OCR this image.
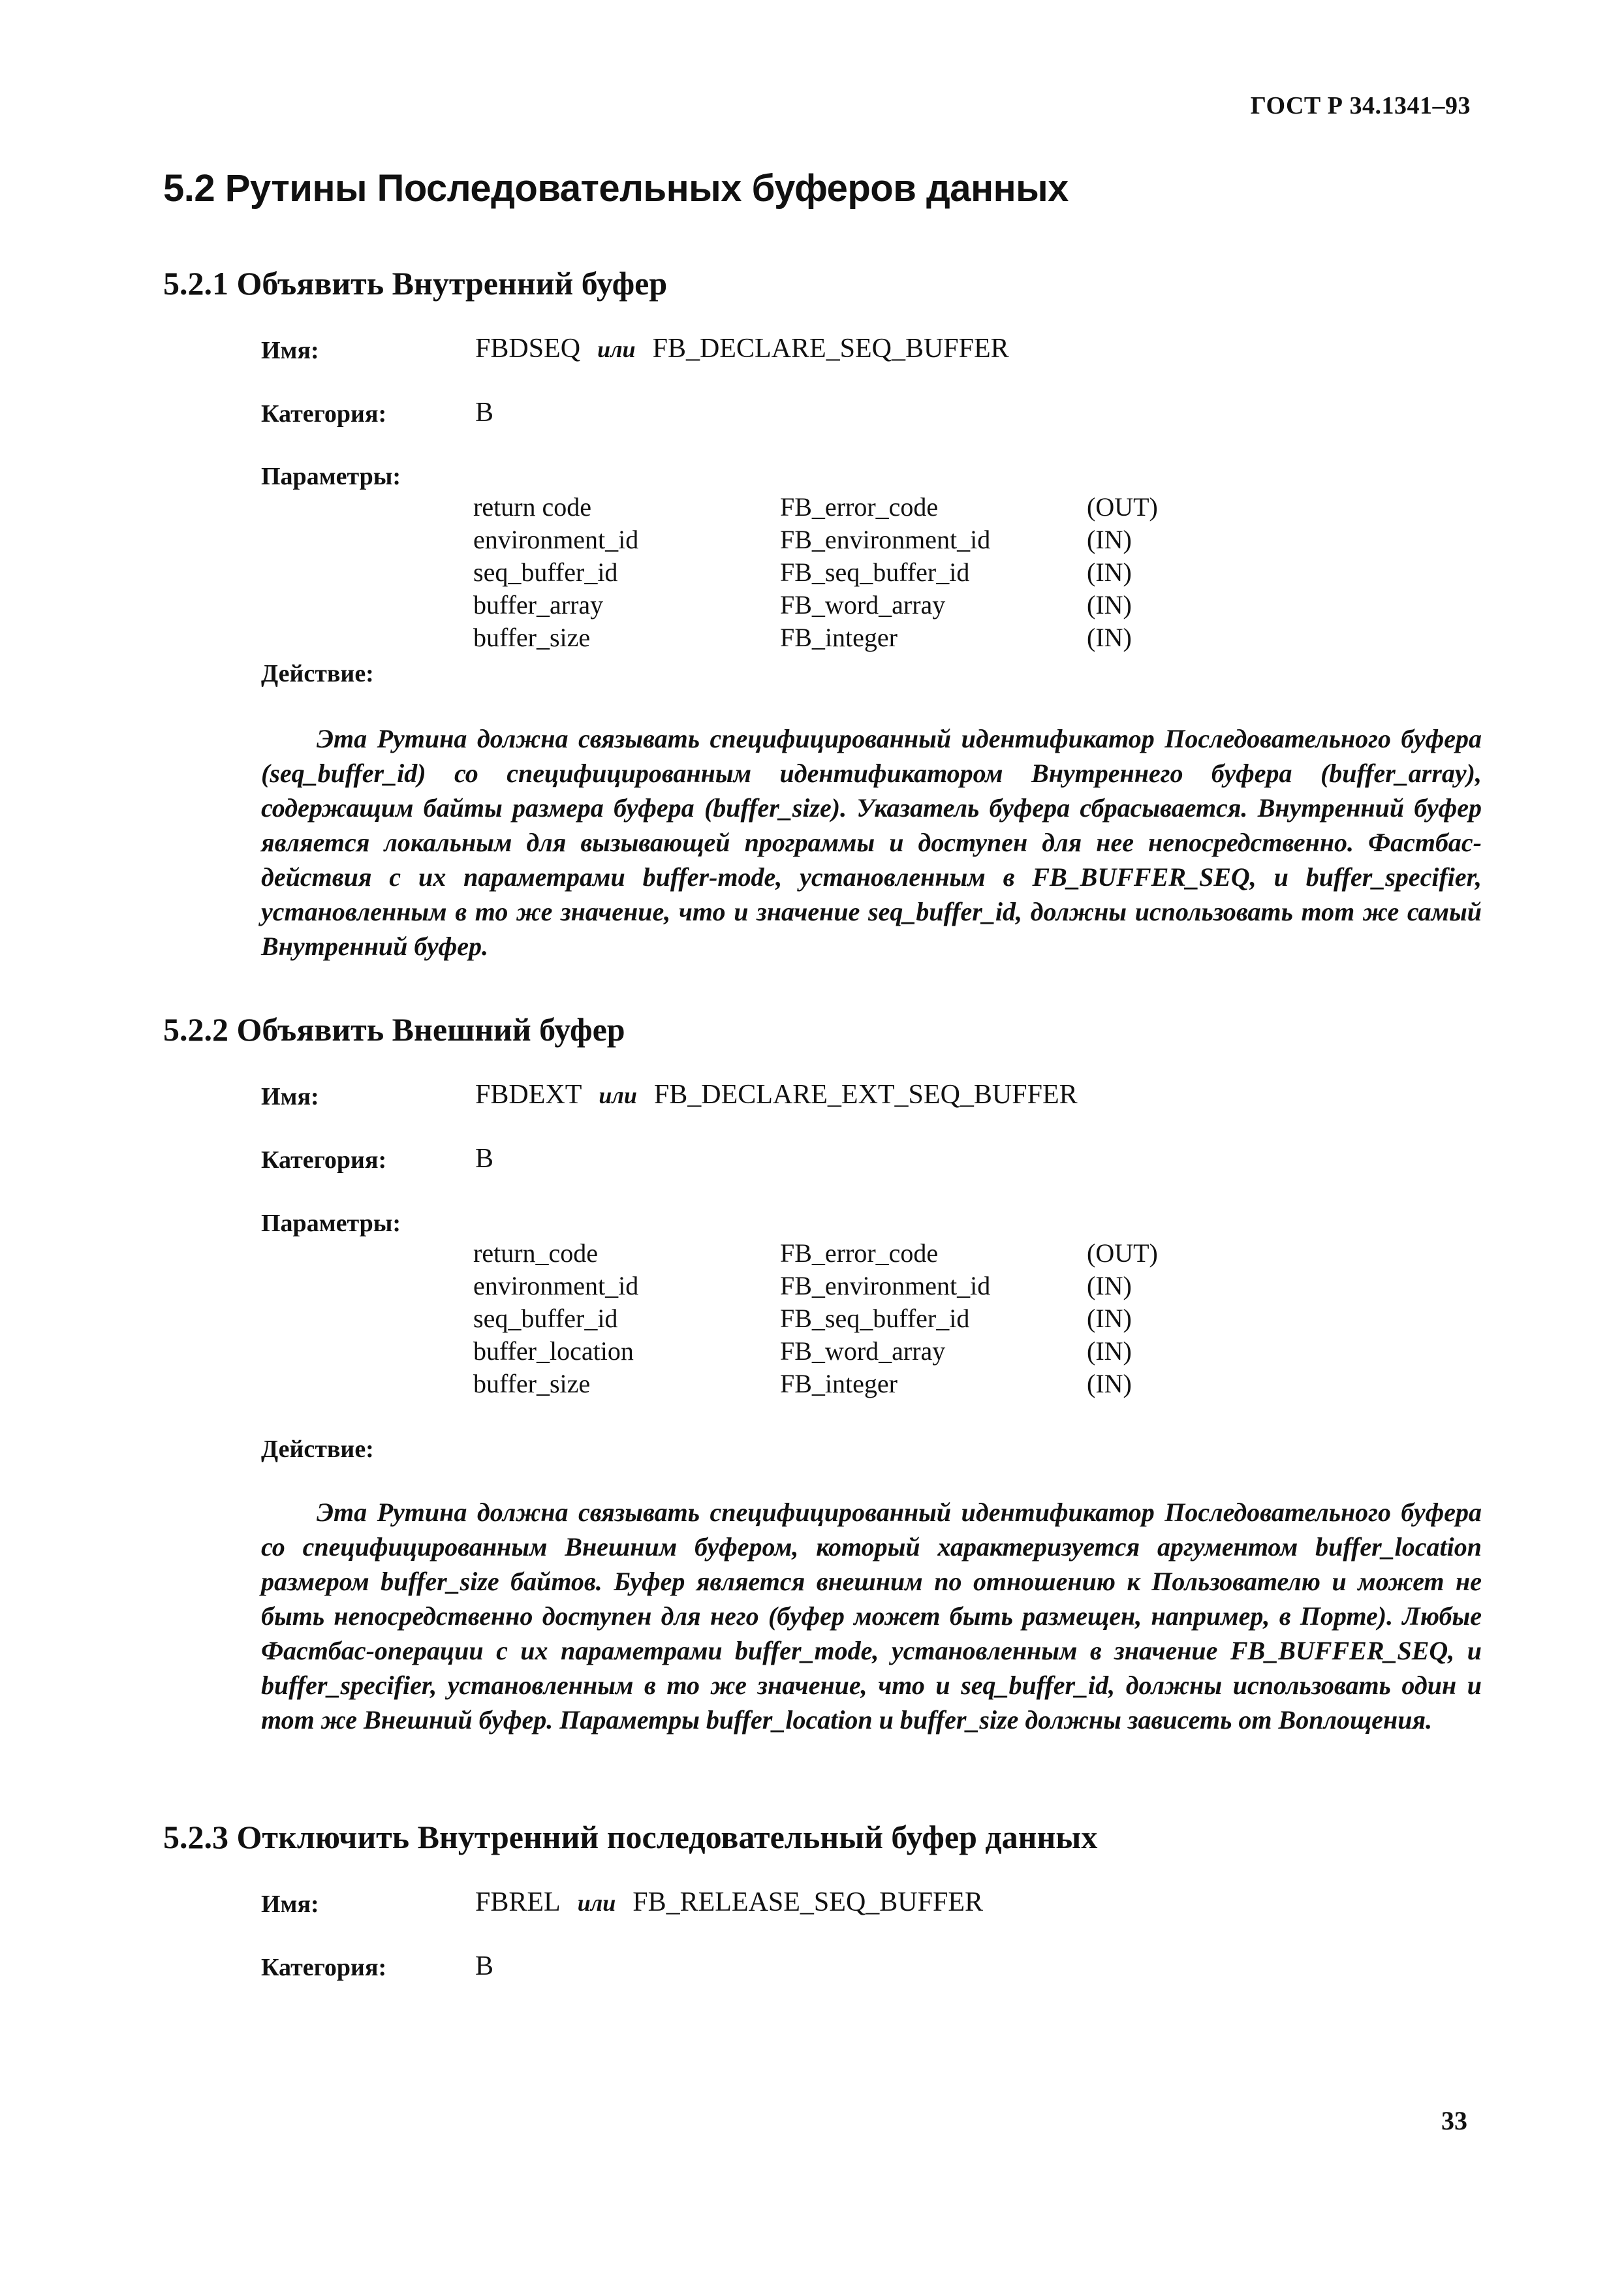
ГОСТ Р 34.1341–93
5.2 Рутины Последовательных буферов данных
5.2.1 Объявить Внутренний буфер
Имя:	FBDSEQ или FB_DECLARE_SEQ_BUFFER
Категория:	B
Параметры:
return code	FB_error_code	(OUT)
environment_id	FB_environment_id	(IN)
seq_buffer_id	FB_seq_buffer_id	(IN)
buffer_array	FB_word_array	(IN)
buffer_size	FB_integer	(IN)
Действие:

Эта Рутина должна связывать специфицированный идентификатор Последовательного буфера (seq_buffer_id) со специфицированным идентификатором Внутреннего буфера (buffer_array), содержащим байты размера буфера (buffer_size). Указатель буфера сбрасывается. Внутренний буфер является локальным для вызывающей программы и доступен для нее непосредственно. Фастбас-действия с их параметрами buffer-mode, установленным в FB_BUFFER_SEQ, и buffer_specifier, установленным в то же значение, что и значение seq_buffer_id, должны использовать тот же самый Внутренний буфер.

5.2.2 Объявить Внешний буфер
Имя:	FBDEXT или FB_DECLARE_EXT_SEQ_BUFFER
Категория:	B
Параметры:
return_code	FB_error_code	(OUT)
environment_id	FB_environment_id	(IN)
seq_buffer_id	FB_seq_buffer_id	(IN)
buffer_location	FB_word_array	(IN)
buffer_size	FB_integer	(IN)
Действие:

Эта Рутина должна связывать специфицированный идентификатор Последовательного буфера со специфицированным Внешним буфером, который характеризуется аргументом buffer_location размером buffer_size байтов. Буфер является внешним по отношению к Пользователю и может не быть непосредственно доступен для него (буфер может быть размещен, например, в Порте). Любые Фастбас-операции с их параметрами buffer_mode, установленным в значение FB_BUFFER_SEQ, и buffer_specifier, установленным в то же значение, что и seq_buffer_id, должны использовать один и тот же Внешний буфер. Параметры buffer_location и buffer_size должны зависеть от Воплощения.

5.2.3 Отключить Внутренний последовательный буфер данных
Имя:	FBREL или FB_RELEASE_SEQ_BUFFER
Категория:	B
33
